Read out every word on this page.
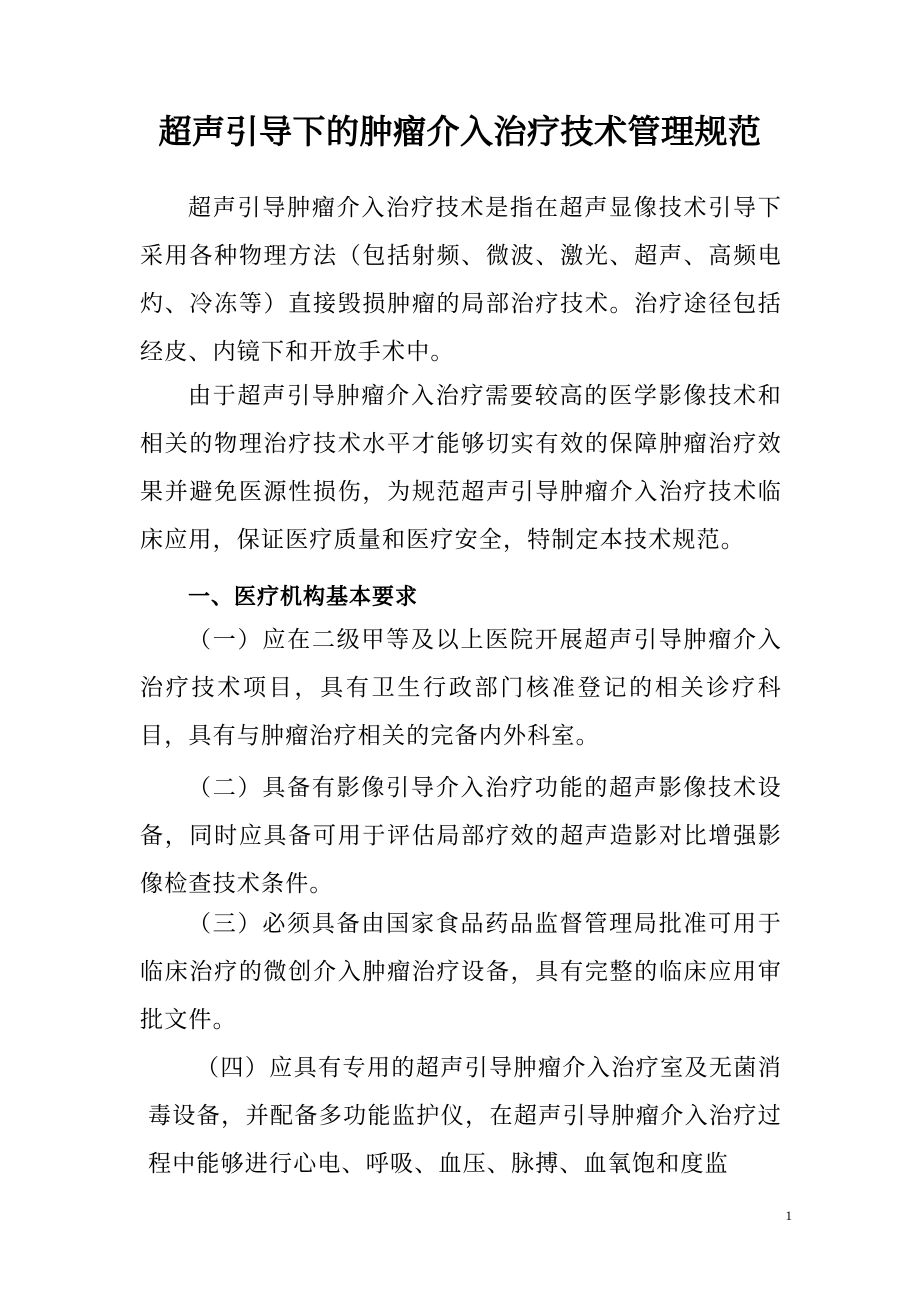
超声引导下的肿瘤介入治疗技术管理规范

超声引导肿瘤介入治疗技术是指在超声显像技术引导下采用各种物理方法（包括射频、微波、激光、超声、高频电灼、冷冻等）直接毁损肿瘤的局部治疗技术。治疗途径包括经皮、内镜下和开放手术中。

由于超声引导肿瘤介入治疗需要较高的医学影像技术和相关的物理治疗技术水平才能够切实有效的保障肿瘤治疗效果并避免医源性损伤，为规范超声引导肿瘤介入治疗技术临床应用，保证医疗质量和医疗安全，特制定本技术规范。

一、医疗机构基本要求

（一）应在二级甲等及以上医院开展超声引导肿瘤介入治疗技术项目，具有卫生行政部门核准登记的相关诊疗科目，具有与肿瘤治疗相关的完备内外科室。

（二）具备有影像引导介入治疗功能的超声影像技术设备，同时应具备可用于评估局部疗效的超声造影对比增强影像检查技术条件。

（三）必须具备由国家食品药品监督管理局批准可用于临床治疗的微创介入肿瘤治疗设备，具有完整的临床应用审批文件。

（四）应具有专用的超声引导肿瘤介入治疗室及无菌消毒设备，并配备多功能监护仪，在超声引导肿瘤介入治疗过程中能够进行心电、呼吸、血压、脉搏、血氧饱和度监

1
